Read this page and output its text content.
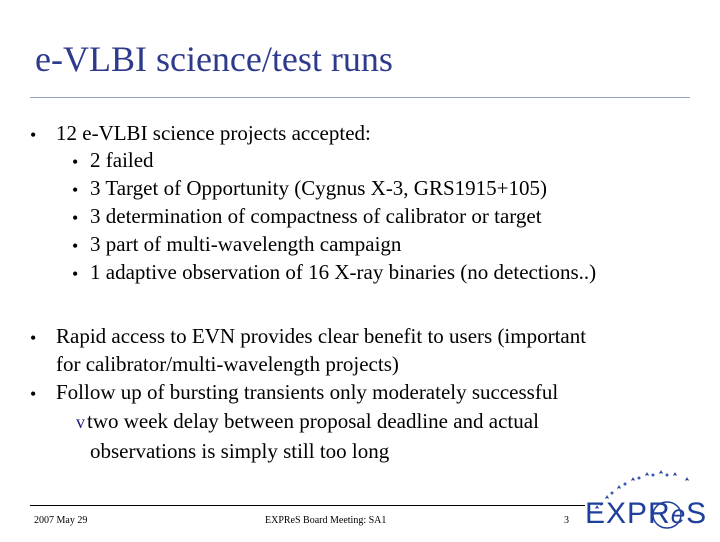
e-VLBI science/test runs
• 12 e-VLBI science projects accepted:
• 2 failed
• 3 Target of Opportunity (Cygnus X-3, GRS1915+105)
• 3 determination of compactness of calibrator or target
• 3 part of multi-wavelength campaign
• 1 adaptive observation of 16 X-ray binaries (no detections..)
• Rapid access to EVN provides clear benefit to users (important
for calibrator/multi-wavelength projects)
• Follow up of bursting transients only moderately successful
vtwo week delay between proposal deadline and actual
observations is simply still too long
2007 May 29	EXPReS Board Meeting: SA1	3 EXPReS
